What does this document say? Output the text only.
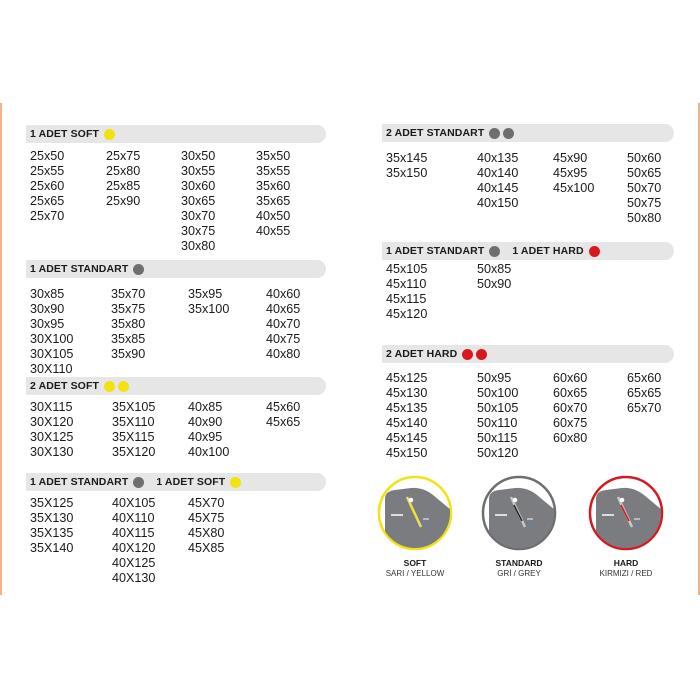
1 ADET SOFT
25x50
25x55
25x60
25x65
25x70
25x75
25x80
25x85
25x90
30x50
30x55
30x60
30x65
30x70
30x75
30x80
35x50
35x55
35x60
35x65
40x50
40x55
1 ADET STANDART
30x85
30x90
30x95
30X100
30X105
30X110
35x70
35x75
35x80
35x85
35x90
35x95
35x100
40x60
40x65
40x70
40x75
40x80
2 ADET SOFT
30X115
30X120
30X125
30X130
35X105
35X110
35X115
35X120
40x85
40x90
40x95
40x100
45x60
45x65
1 ADET STANDART	1 ADET SOFT
35X125
35X130
35X135
35X140
40X105
40X110
40X115
40X120
40X125
40X130
45X70
45X75
45X80
45X85
2 ADET STANDART
35x145
35x150
40x135
40x140
40x145
40x150
45x90
45x95
45x100
50x60
50x65
50x70
50x75
50x80
1 ADET STANDART	1 ADET HARD
45x105
45x110
45x115
45x120
50x85
50x90
2 ADET HARD
45x125
45x130
45x135
45x140
45x145
45x150
50x95
50x100
50x105
50x110
50x115
50x120
60x60
60x65
60x70
60x75
60x80
65x60
65x65
65x70
SOFT
SARI / YELLOW
STANDARD
GRİ / GREY
HARD
KIRMIZI / RED
